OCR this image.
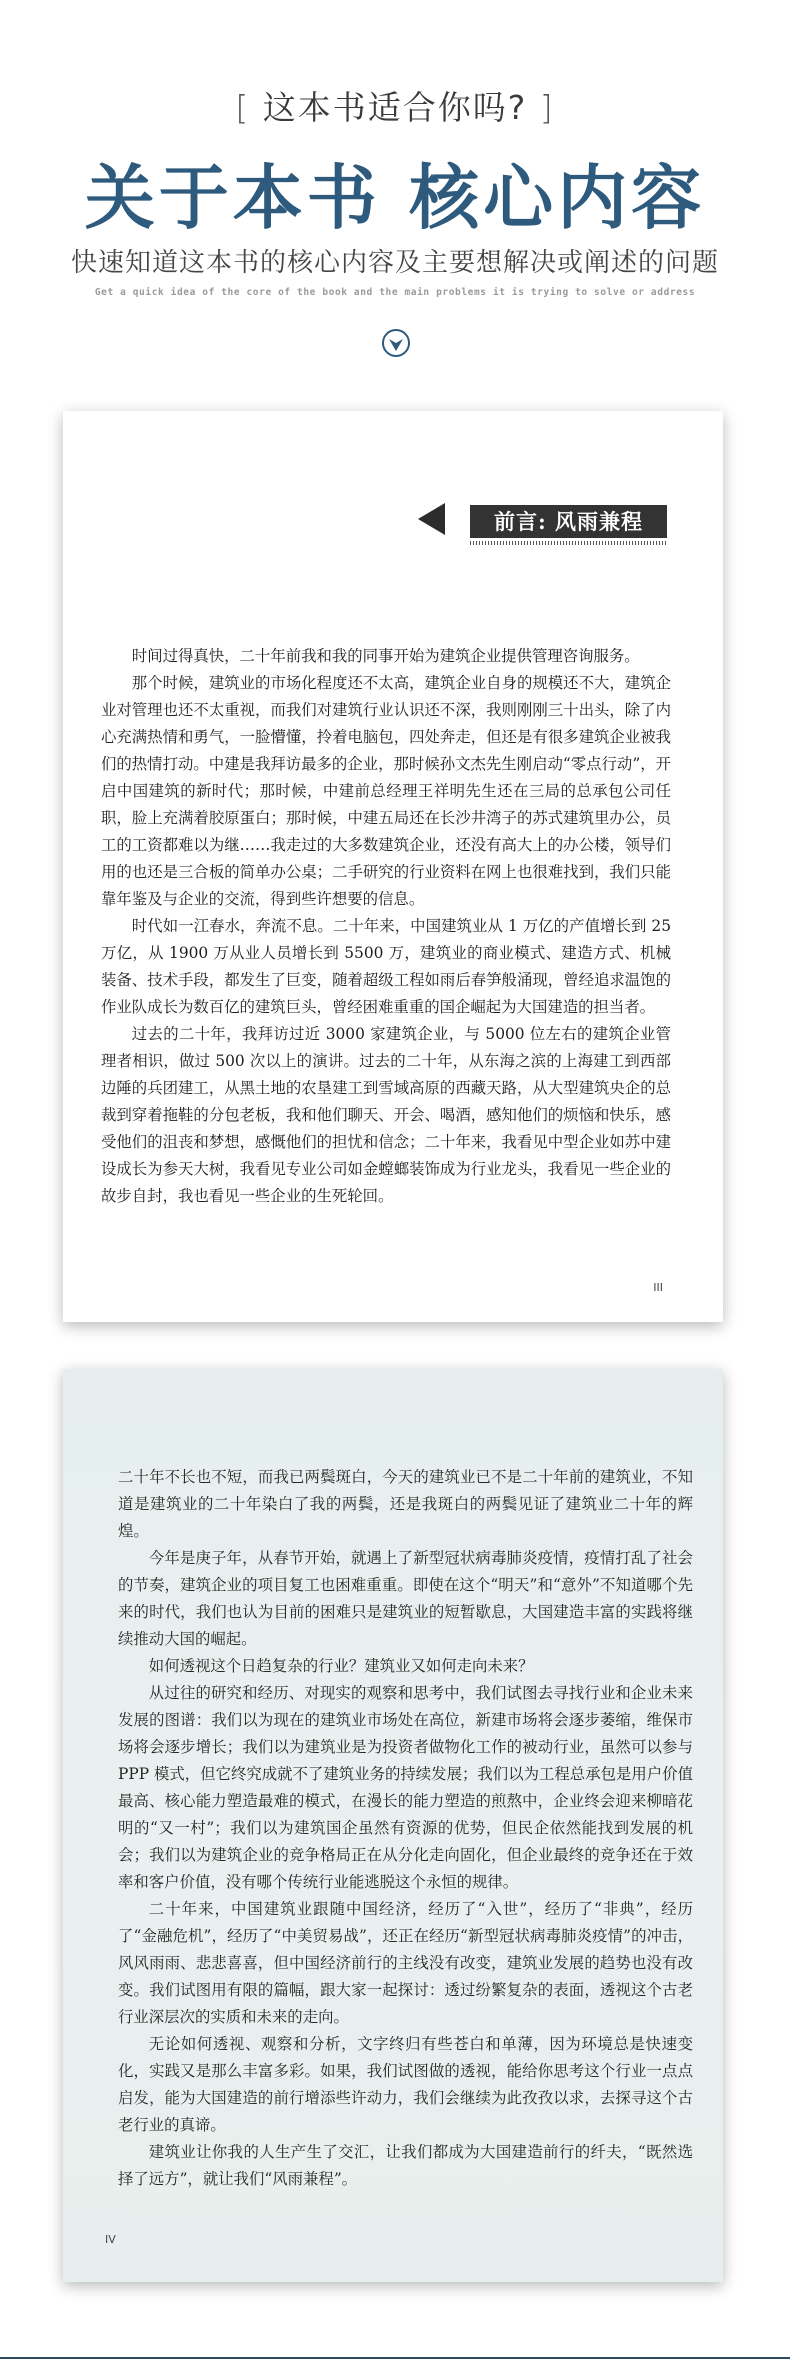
[ 这本书适合你吗? ]
关于本书 核心内容
快速知道这本书的核心内容及主要想解决或阐述的问题
Get a quick idea of the core of the book and the main problems it is trying to solve or address
前言: 风雨兼程

时间过得真快，二十年前我和我的同事开始为建筑企业提供管理咨询服务。

那个时候，建筑业的市场化程度还不太高，建筑企业自身的规模还不大，建筑企业对管理也还不太重视，而我们对建筑行业认识还不深，我则刚刚三十出头，除了内心充满热情和勇气，一脸懵懂，拎着电脑包，四处奔走，但还是有很多建筑企业被我们的热情打动。中建是我拜访最多的企业，那时候孙文杰先生刚启动“零点行动”，开启中国建筑的新时代；那时候，中建前总经理王祥明先生还在三局的总承包公司任职，脸上充满着胶原蛋白；那时候，中建五局还在长沙井湾子的苏式建筑里办公，员工的工资都难以为继……我走过的大多数建筑企业，还没有高大上的办公楼，领导们用的也还是三合板的简单办公桌；二手研究的行业资料在网上也很难找到，我们只能靠年鉴及与企业的交流，得到些许想要的信息。

时代如一江春水，奔流不息。二十年来，中国建筑业从 1 万亿的产值增长到 25 万亿，从 1900 万从业人员增长到 5500 万，建筑业的商业模式、建造方式、机械装备、技术手段，都发生了巨变，随着超级工程如雨后春笋般涌现，曾经追求温饱的作业队成长为数百亿的建筑巨头，曾经困难重重的国企崛起为大国建造的担当者。

过去的二十年，我拜访过近 3000 家建筑企业，与 5000 位左右的建筑企业管理者相识，做过 500 次以上的演讲。过去的二十年，从东海之滨的上海建工到西部边陲的兵团建工，从黑土地的农垦建工到雪域高原的西藏天路，从大型建筑央企的总裁到穿着拖鞋的分包老板，我和他们聊天、开会、喝酒，感知他们的烦恼和快乐，感受他们的沮丧和梦想，感慨他们的担忧和信念；二十年来，我看见中型企业如苏中建设成长为参天大树，我看见专业公司如金螳螂装饰成为行业龙头，我看见一些企业的故步自封，我也看见一些企业的生死轮回。

III

二十年不长也不短，而我已两鬓斑白，今天的建筑业已不是二十年前的建筑业，不知道是建筑业的二十年染白了我的两鬓，还是我斑白的两鬓见证了建筑业二十年的辉煌。

今年是庚子年，从春节开始，就遇上了新型冠状病毒肺炎疫情，疫情打乱了社会的节奏，建筑企业的项目复工也困难重重。即使在这个“明天”和“意外”不知道哪个先来的时代，我们也认为目前的困难只是建筑业的短暂歇息，大国建造丰富的实践将继续推动大国的崛起。

如何透视这个日趋复杂的行业？建筑业又如何走向未来？

从过往的研究和经历、对现实的观察和思考中，我们试图去寻找行业和企业未来发展的图谱：我们以为现在的建筑业市场处在高位，新建市场将会逐步萎缩，维保市场将会逐步增长；我们以为建筑业是为投资者做物化工作的被动行业，虽然可以参与 PPP 模式，但它终究成就不了建筑业务的持续发展；我们以为工程总承包是用户价值最高、核心能力塑造最难的模式，在漫长的能力塑造的煎熬中，企业终会迎来柳暗花明的“又一村”；我们以为建筑国企虽然有资源的优势，但民企依然能找到发展的机会；我们以为建筑企业的竞争格局正在从分化走向固化，但企业最终的竞争还在于效率和客户价值，没有哪个传统行业能逃脱这个永恒的规律。

二十年来，中国建筑业跟随中国经济，经历了“入世”，经历了“非典”，经历了“金融危机”，经历了“中美贸易战”，还正在经历“新型冠状病毒肺炎疫情”的冲击，风风雨雨、悲悲喜喜，但中国经济前行的主线没有改变，建筑业发展的趋势也没有改变。我们试图用有限的篇幅，跟大家一起探讨：透过纷繁复杂的表面，透视这个古老行业深层次的实质和未来的走向。

无论如何透视、观察和分析，文字终归有些苍白和单薄，因为环境总是快速变化，实践又是那么丰富多彩。如果，我们试图做的透视，能给你思考这个行业一点点启发，能为大国建造的前行增添些许动力，我们会继续为此孜孜以求，去探寻这个古老行业的真谛。

建筑业让你我的人生产生了交汇，让我们都成为大国建造前行的纤夫，“既然选择了远方”，就让我们“风雨兼程”。

IV
